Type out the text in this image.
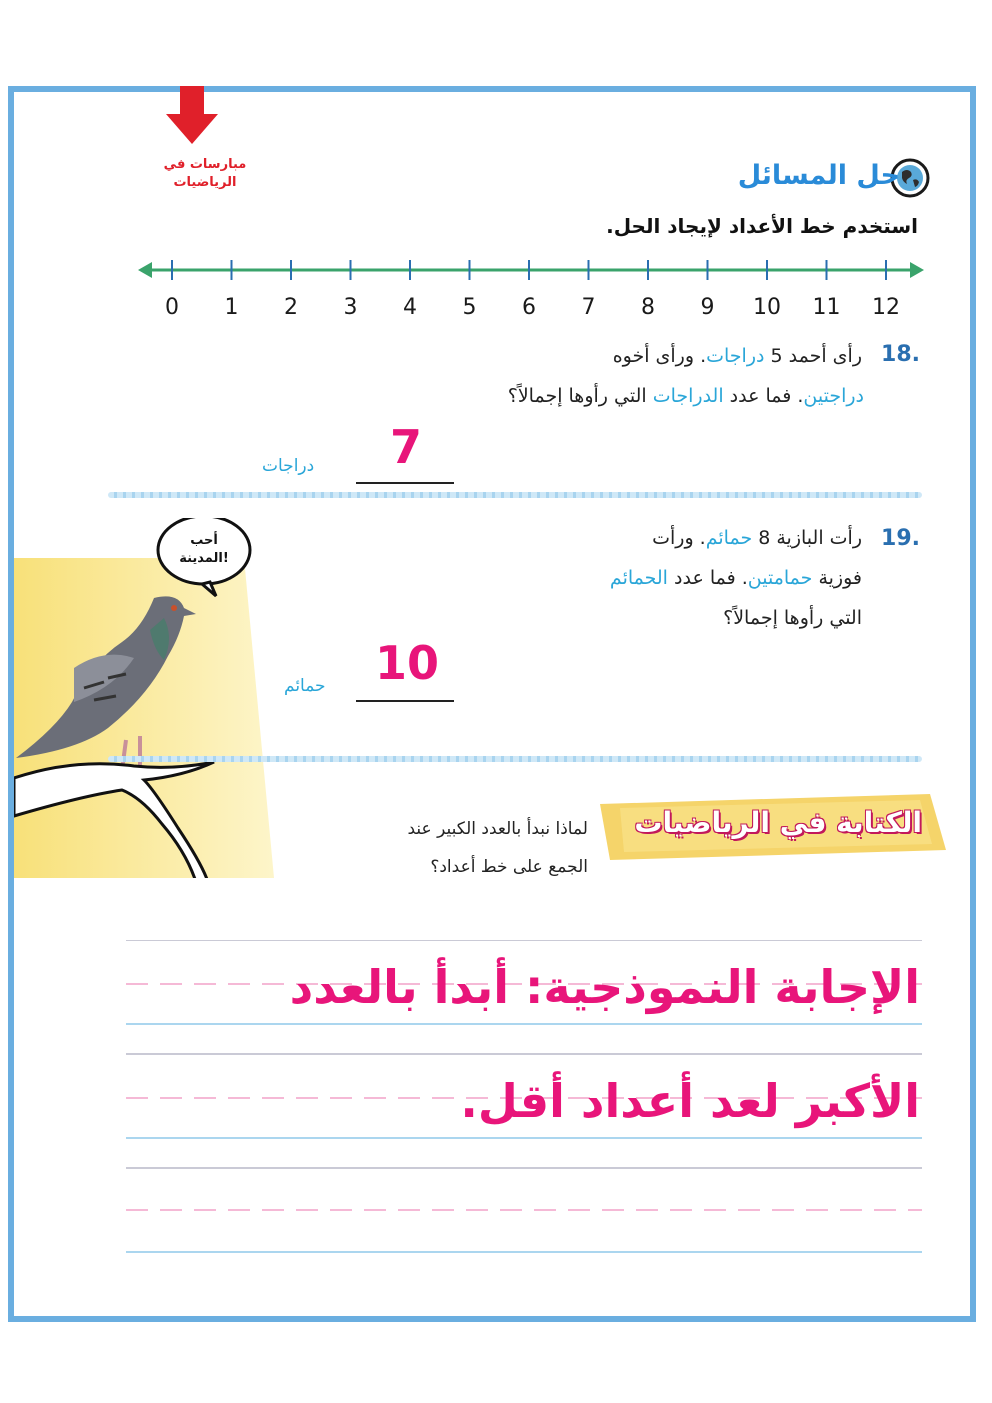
مبارسات في
الرياضيات	حل المسائل
استخدم خط الأعداد لإيجاد الحل.
0 1 2 3 4 5 6 7 8 9 10 11 12
18.
رأى أحمد 5 دراجات. ورأى أخوه
دراجتين. فما عدد الدراجات التي رأوها إجمالاً؟
7
دراجات
أحب
المدينة!
19.
رأت البازية 8 حمائم. ورأت
فوزية حمامتين. فما عدد الحمائم
التي رأوها إجمالاً؟
10
حمائم
الكتابة في الرياضيات
لماذا نبدأ بالعدد الكبير عند
الجمع على خط أعداد؟
الإجابة النموذجية: أبدأ بالعدد
الأكبر لعد أعداد أقل.
